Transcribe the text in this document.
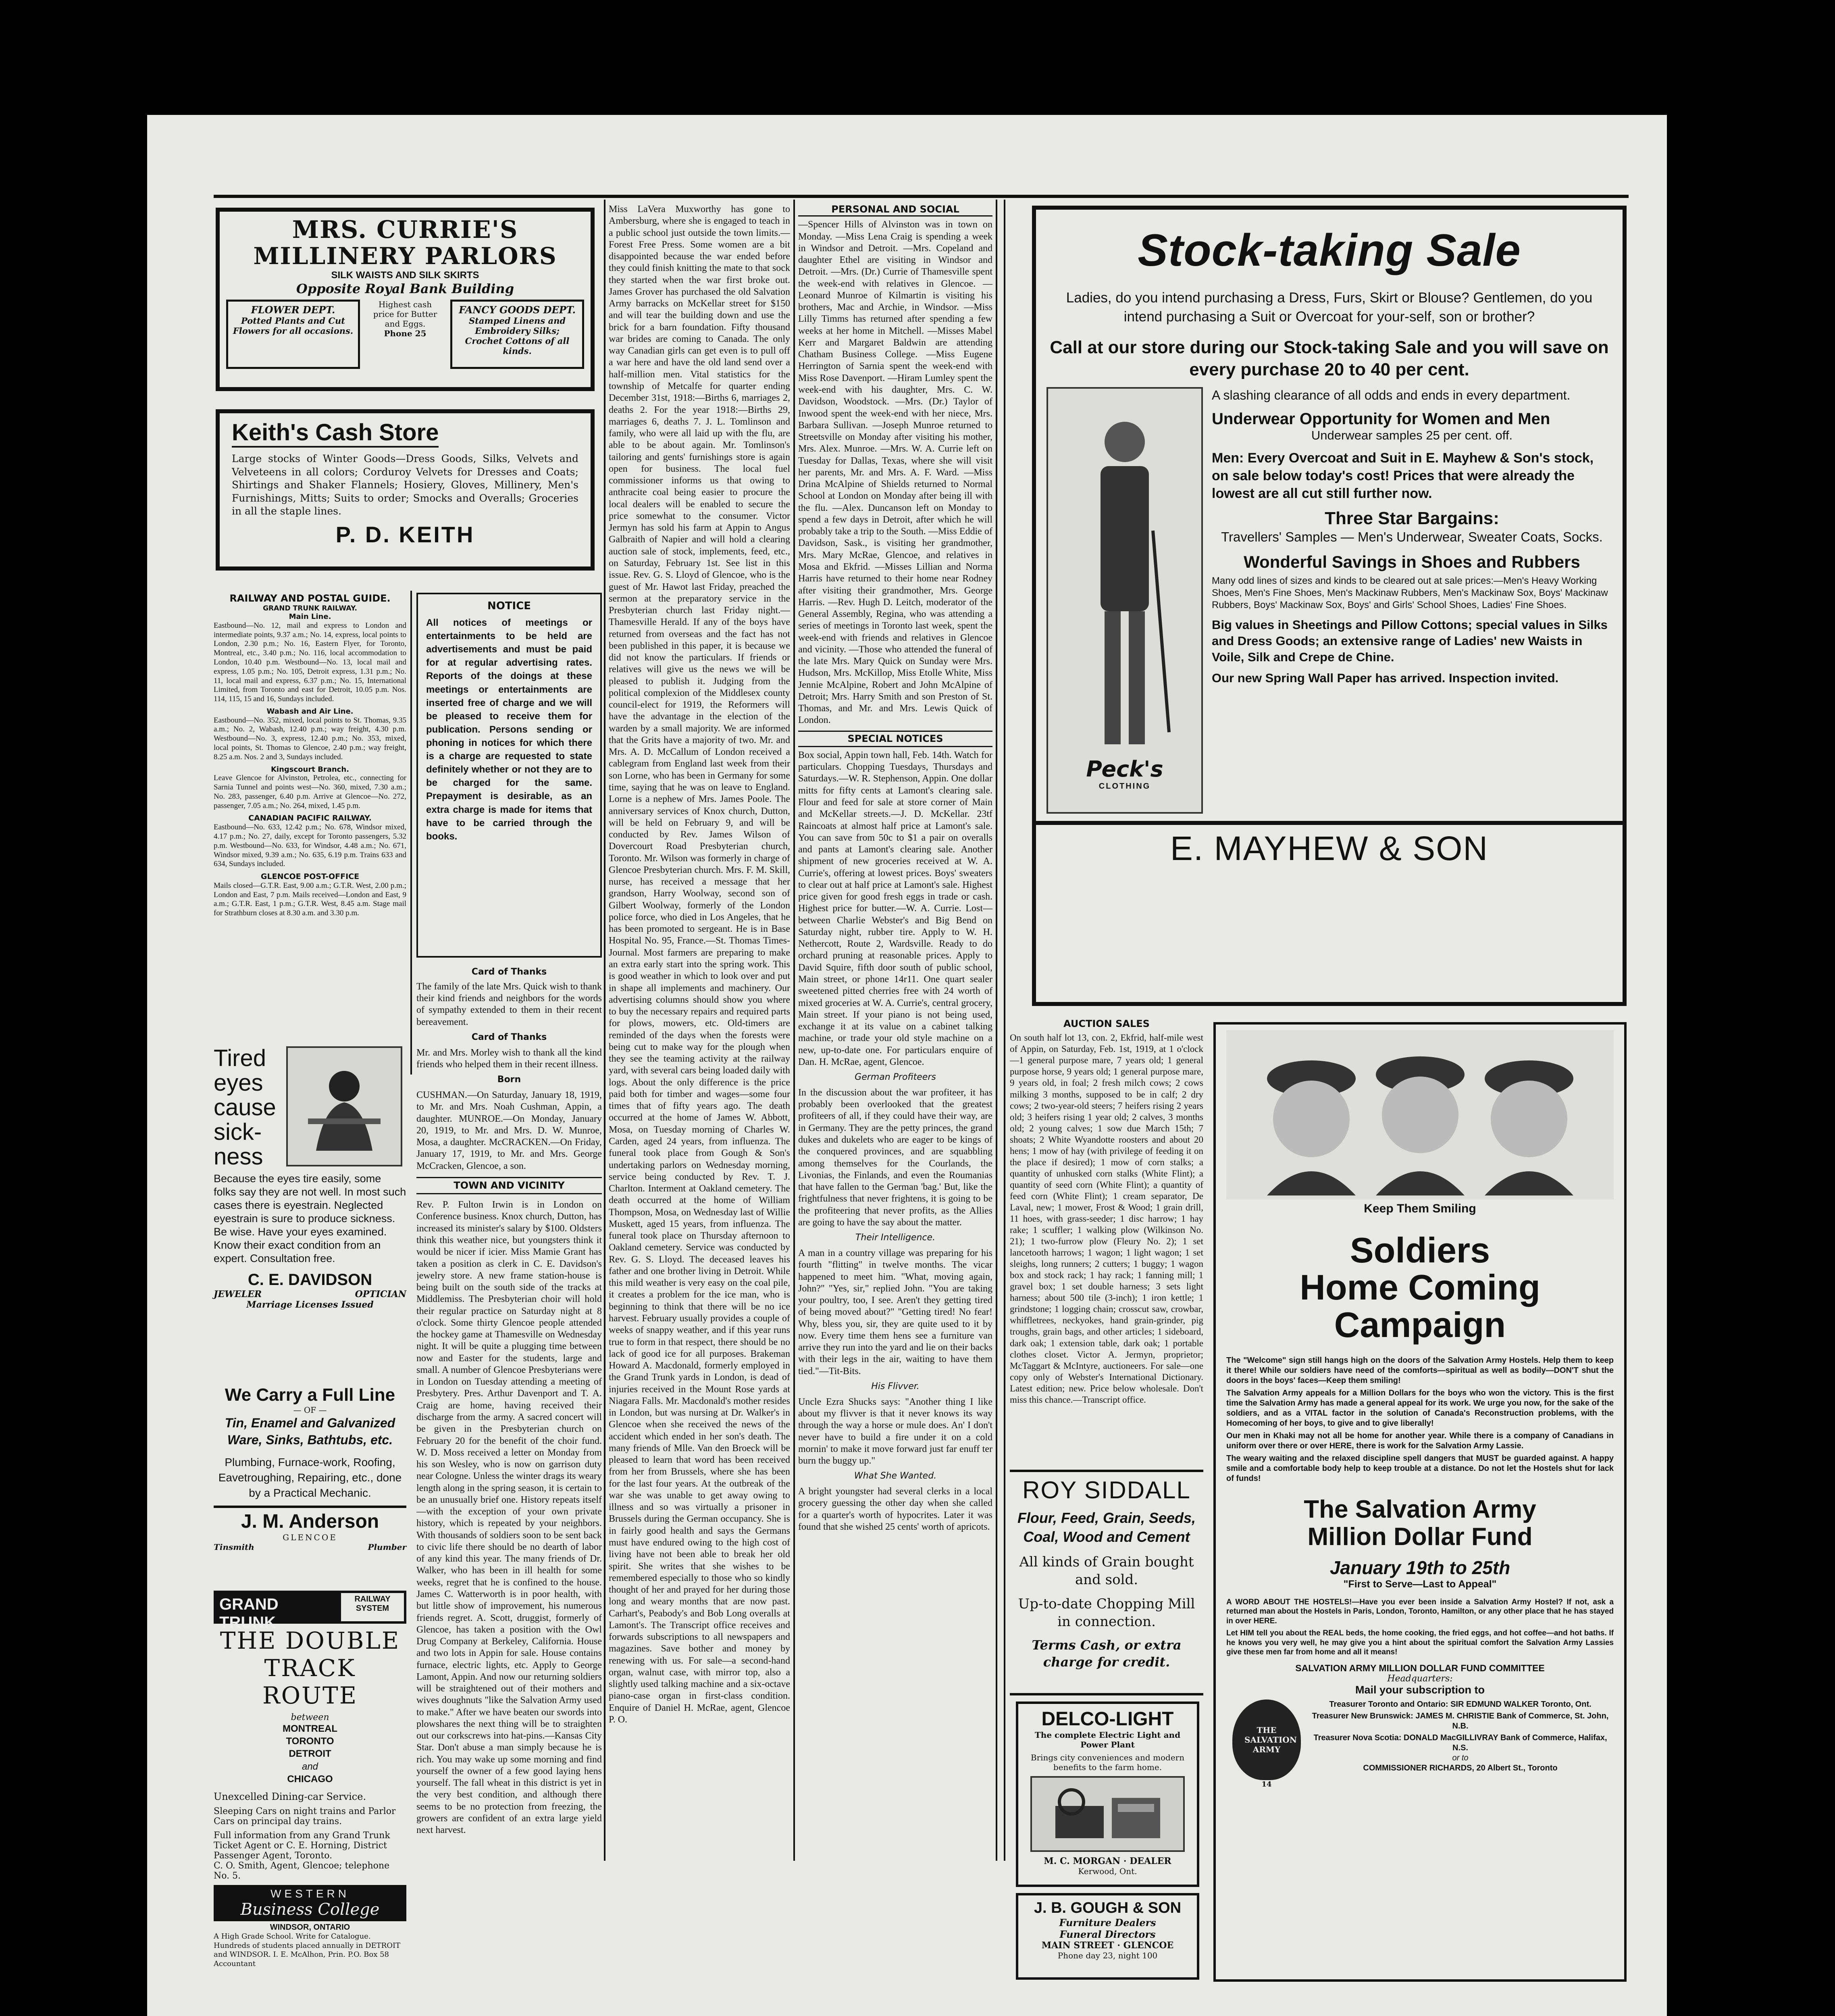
MRS. CURRIE'S
MILLINERY PARLORS
SILK WAISTS AND SILK SKIRTS
Opposite Royal Bank Building
FLOWER DEPT.
Potted Plants and Cut Flowers for all occasions.
Highest cash price for Butter and Eggs.
Phone 25
FANCY GOODS DEPT.
Stamped Linens and Embroidery Silks; Crochet Cottons of all kinds.
Keith's Cash Store
Large stocks of Winter Goods—Dress Goods, Silks, Velvets and Velveteens in all colors; Corduroy Velvets for Dresses and Coats; Shirtings and Shaker Flannels; Hosiery, Gloves, Millinery, Men's Furnishings, Mitts; Suits to order; Smocks and Overalls; Groceries in all the staple lines.
P. D. KEITH
RAILWAY AND POSTAL GUIDE.
GRAND TRUNK RAILWAY.
Main Line.

Eastbound—No. 12, mail and express to London and intermediate points, 9.37 a.m.; No. 14, express, local points to London, 2.30 p.m.; No. 16, Eastern Flyer, for Toronto, Montreal, etc., 3.40 p.m.; No. 116, local accommodation to London, 10.40 p.m. Westbound—No. 13, local mail and express, 1.05 p.m.; No. 105, Detroit express, 1.31 p.m.; No. 11, local mail and express, 6.37 p.m.; No. 15, International Limited, from Toronto and east for Detroit, 10.05 p.m. Nos. 114, 115, 15 and 16, Sundays included.

Wabash and Air Line.

Eastbound—No. 352, mixed, local points to St. Thomas, 9.35 a.m.; No. 2, Wabash, 12.40 p.m.; way freight, 4.30 p.m. Westbound—No. 3, express, 12.40 p.m.; No. 353, mixed, local points, St. Thomas to Glencoe, 2.40 p.m.; way freight, 8.25 a.m. Nos. 2 and 3, Sundays included.

Kingscourt Branch.

Leave Glencoe for Alvinston, Petrolea, etc., connecting for Sarnia Tunnel and points west—No. 360, mixed, 7.30 a.m.; No. 283, passenger, 6.40 p.m. Arrive at Glencoe—No. 272, passenger, 7.05 a.m.; No. 264, mixed, 1.45 p.m.

CANADIAN PACIFIC RAILWAY.

Eastbound—No. 633, 12.42 p.m.; No. 678, Windsor mixed, 4.17 p.m.; No. 27, daily, except for Toronto passengers, 5.32 p.m. Westbound—No. 633, for Windsor, 4.48 a.m.; No. 671, Windsor mixed, 9.39 a.m.; No. 635, 6.19 p.m. Trains 633 and 634, Sundays included.

GLENCOE POST-OFFICE

Mails closed—G.T.R. East, 9.00 a.m.; G.T.R. West, 2.00 p.m.; London and East, 7 p.m. Mails received—London and East, 9 a.m.; G.T.R. East, 1 p.m.; G.T.R. West, 8.45 a.m. Stage mail for Strathburn closes at 8.30 a.m. and 3.30 p.m.

Tired
eyes
cause
sick-
ness
Because the eyes tire easily, some folks say they are not well. In most such cases there is eyestrain. Neglected eyestrain is sure to produce sickness. Be wise. Have your eyes examined. Know their exact condition from an expert. Consultation free.
C. E. DAVIDSON
JEWELER	OPTICIAN
Marriage Licenses Issued
We Carry a Full Line
— OF —
Tin, Enamel and Galvanized Ware, Sinks, Bathtubs, etc.
Plumbing, Furnace-work, Roofing, Eavetroughing, Repairing, etc., done by a Practical Mechanic.
J. M. Anderson
GLENCOE
Tinsmith	Plumber
GRAND TRUNK
RAILWAY SYSTEM
THE DOUBLE
TRACK ROUTE
between
MONTREAL
TORONTO
DETROIT
and
CHICAGO
Unexcelled Dining-car Service.
Sleeping Cars on night trains and Parlor Cars on principal day trains.
Full information from any Grand Trunk Ticket Agent or C. E. Horning, District Passenger Agent, Toronto.
C. O. Smith, Agent, Glencoe; telephone No. 5.
WESTERN
Business College
WINDSOR, ONTARIO
A High Grade School. Write for Catalogue. Hundreds of students placed annually in DETROIT and WINDSOR. I. E. McAlhon, Prin. P.O. Box 58 Accountant
NOTICE
All notices of meetings or entertainments to be held are advertisements and must be paid for at regular advertising rates. Reports of the doings at these meetings or entertainments are inserted free of charge and we will be pleased to receive them for publication. Persons sending or phoning in notices for which there is a charge are requested to state definitely whether or not they are to be charged for the same. Prepayment is desirable, as an extra charge is made for items that have to be carried through the books.
Card of Thanks

The family of the late Mrs. Quick wish to thank their kind friends and neighbors for the words of sympathy extended to them in their recent bereavement.

Card of Thanks

Mr. and Mrs. Morley wish to thank all the kind friends who helped them in their recent illness.

Born

CUSHMAN.—On Saturday, January 18, 1919, to Mr. and Mrs. Noah Cushman, Appin, a daughter. MUNROE.—On Monday, January 20, 1919, to Mr. and Mrs. D. W. Munroe, Mosa, a daughter. McCRACKEN.—On Friday, January 17, 1919, to Mr. and Mrs. George McCracken, Glencoe, a son.

TOWN AND VICINITY

Rev. P. Fulton Irwin is in London on Conference business. Knox church, Dutton, has increased its minister's salary by $100. Oldsters think this weather nice, but youngsters think it would be nicer if icier. Miss Mamie Grant has taken a position as clerk in C. E. Davidson's jewelry store. A new frame station-house is being built on the south side of the tracks at Middlemiss. The Presbyterian choir will hold their regular practice on Saturday night at 8 o'clock. Some thirty Glencoe people attended the hockey game at Thamesville on Wednesday night. It will be quite a plugging time between now and Easter for the students, large and small. A number of Glencoe Presbyterians were in London on Tuesday attending a meeting of Presbytery. Pres. Arthur Davenport and T. A. Craig are home, having received their discharge from the army. A sacred concert will be given in the Presbyterian church on February 20 for the benefit of the choir fund. W. D. Moss received a letter on Monday from his son Wesley, who is now on garrison duty near Cologne. Unless the winter drags its weary length along in the spring season, it is certain to be an unusually brief one. History repeats itself—with the exception of your own private history, which is repeated by your neighbors. With thousands of soldiers soon to be sent back to civic life there should be no dearth of labor of any kind this year. The many friends of Dr. Walker, who has been in ill health for some weeks, regret that he is confined to the house. James C. Watterworth is in poor health, with but little show of improvement, his numerous friends regret. A. Scott, druggist, formerly of Glencoe, has taken a position with the Owl Drug Company at Berkeley, California. House and two lots in Appin for sale. House contains furnace, electric lights, etc. Apply to George Lamont, Appin. And now our returning soldiers will be straightened out of their mothers and wives doughnuts "like the Salvation Army used to make." After we have beaten our swords into plowshares the next thing will be to straighten out our corkscrews into hat-pins.—Kansas City Star. Don't abuse a man simply because he is rich. You may wake up some morning and find yourself the owner of a few good laying hens yourself. The fall wheat in this district is yet in the very best condition, and although there seems to be no protection from freezing, the growers are confident of an extra large yield next harvest.

Miss LaVera Muxworthy has gone to Ambersburg, where she is engaged to teach in a public school just outside the town limits.—Forest Free Press. Some women are a bit disappointed because the war ended before they could finish knitting the mate to that sock they started when the war first broke out. James Grover has purchased the old Salvation Army barracks on McKellar street for $150 and will tear the building down and use the brick for a barn foundation. Fifty thousand war brides are coming to Canada. The only way Canadian girls can get even is to pull off a war here and have the old land send over a half-million men. Vital statistics for the township of Metcalfe for quarter ending December 31st, 1918:—Births 6, marriages 2, deaths 2. For the year 1918:—Births 29, marriages 6, deaths 7. J. L. Tomlinson and family, who were all laid up with the flu, are able to be about again. Mr. Tomlinson's tailoring and gents' furnishings store is again open for business. The local fuel commissioner informs us that owing to anthracite coal being easier to procure the local dealers will be enabled to secure the price somewhat to the consumer. Victor Jermyn has sold his farm at Appin to Angus Galbraith of Napier and will hold a clearing auction sale of stock, implements, feed, etc., on Saturday, February 1st. See list in this issue. Rev. G. S. Lloyd of Glencoe, who is the guest of Mr. Hawot last Friday, preached the sermon at the preparatory service in the Presbyterian church last Friday night.—Thamesville Herald. If any of the boys have returned from overseas and the fact has not been published in this paper, it is because we did not know the particulars. If friends or relatives will give us the news we will be pleased to publish it. Judging from the political complexion of the Middlesex county council-elect for 1919, the Reformers will have the advantage in the election of the warden by a small majority. We are informed that the Grits have a majority of two. Mr. and Mrs. A. D. McCallum of London received a cablegram from England last week from their son Lorne, who has been in Germany for some time, saying that he was on leave to England. Lorne is a nephew of Mrs. James Poole. The anniversary services of Knox church, Dutton, will be held on February 9, and will be conducted by Rev. James Wilson of Dovercourt Road Presbyterian church, Toronto. Mr. Wilson was formerly in charge of Glencoe Presbyterian church. Mrs. F. M. Skill, nurse, has received a message that her grandson, Harry Woolway, second son of Gilbert Woolway, formerly of the London police force, who died in Los Angeles, that he has been promoted to sergeant. He is in Base Hospital No. 95, France.—St. Thomas Times-Journal. Most farmers are preparing to make an extra early start into the spring work. This is good weather in which to look over and put in shape all implements and machinery. Our advertising columns should show you where to buy the necessary repairs and required parts for plows, mowers, etc. Old-timers are reminded of the days when the forests were being cut to make way for the plough when they see the teaming activity at the railway yard, with several cars being loaded daily with logs. About the only difference is the price paid both for timber and wages—some four times that of fifty years ago. The death occurred at the home of James W. Abbott, Mosa, on Tuesday morning of Charles W. Carden, aged 24 years, from influenza. The funeral took place from Gough & Son's undertaking parlors on Wednesday morning, service being conducted by Rev. T. J. Charlton. Interment at Oakland cemetery. The death occurred at the home of William Thompson, Mosa, on Wednesday last of Willie Muskett, aged 15 years, from influenza. The funeral took place on Thursday afternoon to Oakland cemetery. Service was conducted by Rev. G. S. Lloyd. The deceased leaves his father and one brother living in Detroit. While this mild weather is very easy on the coal pile, it creates a problem for the ice man, who is beginning to think that there will be no ice harvest. February usually provides a couple of weeks of snappy weather, and if this year runs true to form in that respect, there should be no lack of good ice for all purposes. Brakeman Howard A. Macdonald, formerly employed in the Grand Trunk yards in London, is dead of injuries received in the Mount Rose yards at Niagara Falls. Mr. Macdonald's mother resides in London, but was nursing at Dr. Walker's in Glencoe when she received the news of the accident which ended in her son's death. The many friends of Mlle. Van den Broeck will be pleased to learn that word has been received from her from Brussels, where she has been for the last four years. At the outbreak of the war she was unable to get away owing to illness and so was virtually a prisoner in Brussels during the German occupancy. She is in fairly good health and says the Germans must have endured owing to the high cost of living have not been able to break her old spirit. She writes that she wishes to be remembered especially to those who so kindly thought of her and prayed for her during those long and weary months that are now past. Carhart's, Peabody's and Bob Long overalls at Lamont's. The Transcript office receives and forwards subscriptions to all newspapers and magazines. Save bother and money by renewing with us. For sale—a second-hand organ, walnut case, with mirror top, also a slightly used talking machine and a six-octave piano-case organ in first-class condition. Enquire of Daniel H. McRae, agent, Glencoe P. O.

PERSONAL AND SOCIAL

—Spencer Hills of Alvinston was in town on Monday. —Miss Lena Craig is spending a week in Windsor and Detroit. —Mrs. Copeland and daughter Ethel are visiting in Windsor and Detroit. —Mrs. (Dr.) Currie of Thamesville spent the week-end with relatives in Glencoe. —Leonard Munroe of Kilmartin is visiting his brothers, Mac and Archie, in Windsor. —Miss Lilly Timms has returned after spending a few weeks at her home in Mitchell. —Misses Mabel Kerr and Margaret Baldwin are attending Chatham Business College. —Miss Eugene Herrington of Sarnia spent the week-end with Miss Rose Davenport. —Hiram Lumley spent the week-end with his daughter, Mrs. C. W. Davidson, Woodstock. —Mrs. (Dr.) Taylor of Inwood spent the week-end with her niece, Mrs. Barbara Sullivan. —Joseph Munroe returned to Streetsville on Monday after visiting his mother, Mrs. Alex. Munroe. —Mrs. W. A. Currie left on Tuesday for Dallas, Texas, where she will visit her parents, Mr. and Mrs. A. F. Ward. —Miss Drina McAlpine of Shields returned to Normal School at London on Monday after being ill with the flu. —Alex. Duncanson left on Monday to spend a few days in Detroit, after which he will probably take a trip to the South. —Miss Eddie of Davidson, Sask., is visiting her grandmother, Mrs. Mary McRae, Glencoe, and relatives in Mosa and Ekfrid. —Misses Lillian and Norma Harris have returned to their home near Rodney after visiting their grandmother, Mrs. George Harris. —Rev. Hugh D. Leitch, moderator of the General Assembly, Regina, who was attending a series of meetings in Toronto last week, spent the week-end with friends and relatives in Glencoe and vicinity. —Those who attended the funeral of the late Mrs. Mary Quick on Sunday were Mrs. Hudson, Mrs. McKillop, Miss Etolle White, Miss Jennie McAlpine, Robert and John McAlpine of Detroit; Mrs. Harry Smith and son Preston of St. Thomas, and Mr. and Mrs. Lewis Quick of London.

SPECIAL NOTICES

Box social, Appin town hall, Feb. 14th. Watch for particulars. Chopping Tuesdays, Thursdays and Saturdays.—W. R. Stephenson, Appin. One dollar mitts for fifty cents at Lamont's clearing sale. Flour and feed for sale at store corner of Main and McKellar streets.—J. D. McKellar. 23tf Raincoats at almost half price at Lamont's sale. You can save from 50c to $1 a pair on overalls and pants at Lamont's clearing sale. Another shipment of new groceries received at W. A. Currie's, offering at lowest prices. Boys' sweaters to clear out at half price at Lamont's sale. Highest price given for good fresh eggs in trade or cash. Highest price for butter.—W. A. Currie. Lost—between Charlie Webster's and Big Bend on Saturday night, rubber tire. Apply to W. H. Nethercott, Route 2, Wardsville. Ready to do orchard pruning at reasonable prices. Apply to David Squire, fifth door south of public school, Main street, or phone 14r11. One quart sealer sweetened pitted cherries free with 24 worth of mixed groceries at W. A. Currie's, central grocery, Main street. If your piano is not being used, exchange it at its value on a cabinet talking machine, or trade your old style machine on a new, up-to-date one. For particulars enquire of Dan. H. McRae, agent, Glencoe.

German Profiteers

In the discussion about the war profiteer, it has probably been overlooked that the greatest profiteers of all, if they could have their way, are in Germany. They are the petty princes, the grand dukes and dukelets who are eager to be kings of the conquered provinces, and are squabbling among themselves for the Courlands, the Livonias, the Finlands, and even the Roumanias that have fallen to the German 'bag.' But, like the frightfulness that never frightens, it is going to be the profiteering that never profits, as the Allies are going to have the say about the matter.

Their Intelligence.

A man in a country village was preparing for his fourth "flitting" in twelve months. The vicar happened to meet him. "What, moving again, John?" "Yes, sir," replied John. "You are taking your poultry, too, I see. Aren't they getting tired of being moved about?" "Getting tired! No fear! Why, bless you, sir, they are quite used to it by now. Every time them hens see a furniture van arrive they run into the yard and lie on their backs with their legs in the air, waiting to have them tied."—Tit-Bits.

His Flivver.

Uncle Ezra Shucks says: "Another thing I like about my flivver is that it never knows its way through the way a horse or mule does. An' I don't never have to build a fire under it on a cold mornin' to make it move forward just far enuff ter burn the buggy up."

What She Wanted.

A bright youngster had several clerks in a local grocery guessing the other day when she called for a quarter's worth of hypocrites. Later it was found that she wished 25 cents' worth of apricots.

Stock-taking Sale
Ladies, do you intend purchasing a Dress, Furs, Skirt or Blouse? Gentlemen, do you intend purchasing a Suit or Overcoat for your-self, son or brother?
Call at our store during our Stock-taking Sale and you will save on every purchase 20 to 40 per cent.
Peck's
CLOTHING
A slashing clearance of all odds and ends in every department.
Underwear Opportunity for Women and Men
Underwear samples 25 per cent. off.
Men: Every Overcoat and Suit in E. Mayhew & Son's stock, on sale below today's cost! Prices that were already the lowest are all cut still further now.
Three Star Bargains:
Travellers' Samples — Men's Underwear, Sweater Coats, Socks.
Wonderful Savings in Shoes and Rubbers
Many odd lines of sizes and kinds to be cleared out at sale prices:—Men's Heavy Working Shoes, Men's Fine Shoes, Men's Mackinaw Rubbers, Men's Mackinaw Sox, Boys' Mackinaw Rubbers, Boys' Mackinaw Sox, Boys' and Girls' School Shoes, Ladies' Fine Shoes.
Big values in Sheetings and Pillow Cottons; special values in Silks and Dress Goods; an extensive range of Ladies' new Waists in Voile, Silk and Crepe de Chine.
Our new Spring Wall Paper has arrived. Inspection invited.
E. MAYHEW & SON
AUCTION SALES

On south half lot 13, con. 2, Ekfrid, half-mile west of Appin, on Saturday, Feb. 1st, 1919, at 1 o'clock—1 general purpose mare, 7 years old; 1 general purpose horse, 9 years old; 1 general purpose mare, 9 years old, in foal; 2 fresh milch cows; 2 cows milking 3 months, supposed to be in calf; 2 dry cows; 2 two-year-old steers; 7 heifers rising 2 years old; 3 heifers rising 1 year old; 2 calves, 3 months old; 2 young calves; 1 sow due March 15th; 7 shoats; 2 White Wyandotte roosters and about 20 hens; 1 mow of hay (with privilege of feeding it on the place if desired); 1 mow of corn stalks; a quantity of unhusked corn stalks (White Flint); a quantity of seed corn (White Flint); a quantity of feed corn (White Flint); 1 cream separator, De Laval, new; 1 mower, Frost & Wood; 1 grain drill, 11 hoes, with grass-seeder; 1 disc harrow; 1 hay rake; 1 scuffler; 1 walking plow (Wilkinson No. 21); 1 two-furrow plow (Fleury No. 2); 1 set lancetooth harrows; 1 wagon; 1 light wagon; 1 set sleighs, long runners; 2 cutters; 1 buggy; 1 wagon box and stock rack; 1 hay rack; 1 fanning mill; 1 gravel box; 1 set double harness; 3 sets light harness; about 500 tile (3-inch); 1 iron kettle; 1 grindstone; 1 logging chain; crosscut saw, crowbar, whiffletrees, neckyokes, hand grain-grinder, pig troughs, grain bags, and other articles; 1 sideboard, dark oak; 1 extension table, dark oak; 1 portable clothes closet. Victor A. Jermyn, proprietor; McTaggart & McIntyre, auctioneers. For sale—one copy only of Webster's International Dictionary. Latest edition; new. Price below wholesale. Don't miss this chance.—Transcript office.

ROY SIDDALL
Flour, Feed, Grain, Seeds, Coal, Wood and Cement
All kinds of Grain bought and sold.
Up-to-date Chopping Mill in connection.
Terms Cash, or extra charge for credit.
DELCO-LIGHT
The complete Electric Light and Power Plant
Brings city conveniences and modern benefits to the farm home.
M. C. MORGAN · DEALER
Kerwood, Ont.
J. B. GOUGH & SON
Furniture Dealers
Funeral Directors
MAIN STREET · GLENCOE
Phone day 23, night 100
Keep Them Smiling
Soldiers
Home Coming
Campaign

The "Welcome" sign still hangs high on the doors of the Salvation Army Hostels. Help them to keep it there! While our soldiers have need of the comforts—spiritual as well as bodily—DON'T shut the doors in the boys' faces—Keep them smiling!

The Salvation Army appeals for a Million Dollars for the boys who won the victory. This is the first time the Salvation Army has made a general appeal for its work. We urge you now, for the sake of the soldiers, and as a VITAL factor in the solution of Canada's Reconstruction problems, with the Homecoming of her boys, to give and to give liberally!

Our men in Khaki may not all be home for another year. While there is a company of Canadians in uniform over there or over HERE, there is work for the Salvation Army Lassie.

The weary waiting and the relaxed discipline spell dangers that MUST be guarded against. A happy smile and a comfortable body help to keep trouble at a distance. Do not let the Hostels shut for lack of funds!

The Salvation Army
Million Dollar Fund
January 19th to 25th
"First to Serve—Last to Appeal"

A WORD ABOUT THE HOSTELS!—Have you ever been inside a Salvation Army Hostel? If not, ask a returned man about the Hostels in Paris, London, Toronto, Hamilton, or any other place that he has stayed in over HERE.

Let HIM tell you about the REAL beds, the home cooking, the fried eggs, and hot coffee—and hot baths. If he knows you very well, he may give you a hint about the spiritual comfort the Salvation Army Lassies give these men far from home and all it means!

SALVATION ARMY MILLION DOLLAR FUND COMMITTEE
Headquarters:
Mail your subscription to
THE SALVATION ARMY
14
Treasurer Toronto and Ontario: SIR EDMUND WALKER Toronto, Ont.
Treasurer New Brunswick: JAMES M. CHRISTIE Bank of Commerce, St. John, N.B.
Treasurer Nova Scotia: DONALD MacGILLIVRAY Bank of Commerce, Halifax, N.S.
or to
COMMISSIONER RICHARDS, 20 Albert St., Toronto
